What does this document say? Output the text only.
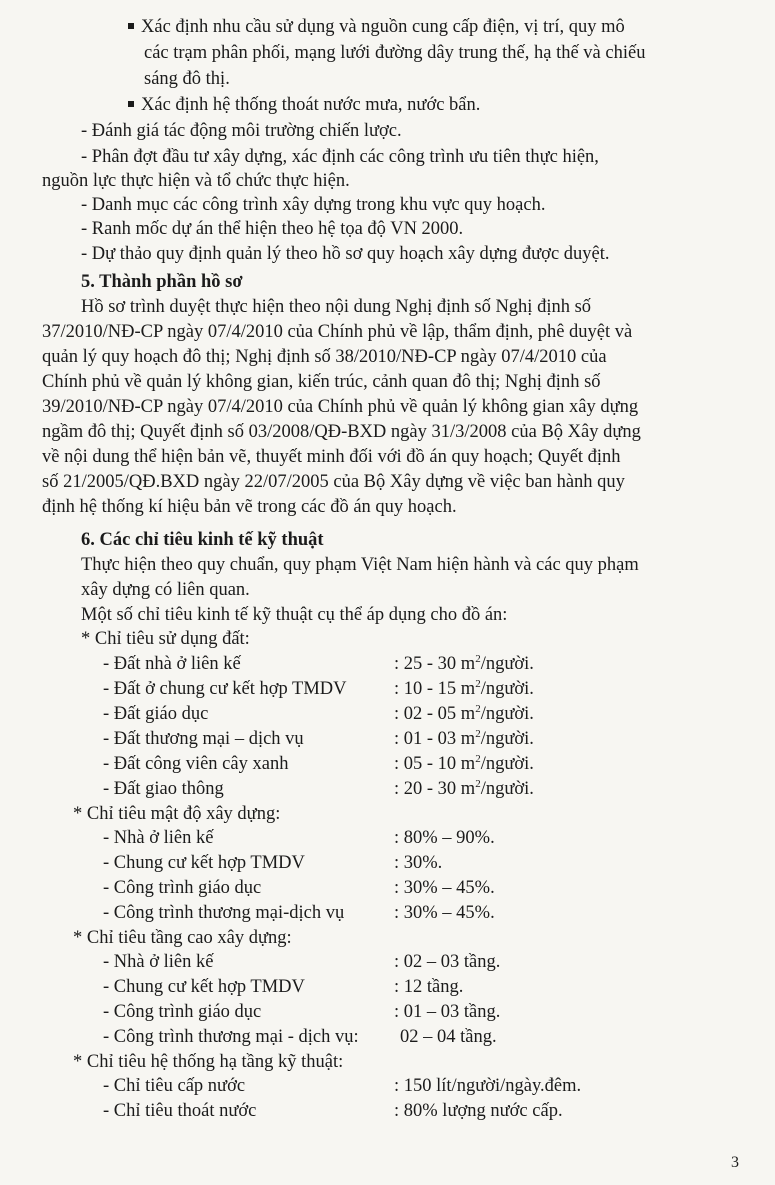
Xác định nhu cầu sử dụng và nguồn cung cấp điện, vị trí, quy mô
các trạm phân phối, mạng lưới đường dây trung thế, hạ thế và chiếu
sáng đô thị.
Xác định hệ thống thoát nước mưa, nước bẩn.
- Đánh giá tác động môi trường chiến lược.
- Phân đợt đầu tư xây dựng, xác định các công trình ưu tiên thực hiện,
nguồn lực thực hiện và tổ chức thực hiện.
- Danh mục các công trình xây dựng trong khu vực quy hoạch.
- Ranh mốc dự án thể hiện theo hệ tọa độ VN 2000.
- Dự thảo quy định quản lý theo hồ sơ quy hoạch xây dựng được duyệt.
5. Thành phần hồ sơ
Hồ sơ trình duyệt thực hiện theo nội dung Nghị định số Nghị định số
37/2010/NĐ-CP ngày 07/4/2010 của Chính phủ về lập, thẩm định, phê duyệt và
quản lý quy hoạch đô thị; Nghị định số 38/2010/NĐ-CP ngày 07/4/2010 của
Chính phủ về quản lý không gian, kiến trúc, cảnh quan đô thị; Nghị định số
39/2010/NĐ-CP ngày 07/4/2010 của Chính phủ về quản lý không gian xây dựng
ngầm đô thị; Quyết định số 03/2008/QĐ-BXD ngày 31/3/2008 của Bộ Xây dựng
về nội dung thể hiện bản vẽ, thuyết minh đối với đồ án quy hoạch; Quyết định
số 21/2005/QĐ.BXD ngày 22/07/2005 của Bộ Xây dựng về việc ban hành quy
định hệ thống kí hiệu bản vẽ trong các đồ án quy hoạch.
6. Các chỉ tiêu kinh tế kỹ thuật
Thực hiện theo quy chuẩn, quy phạm Việt Nam hiện hành và các quy phạm
xây dựng có liên quan.
Một số chỉ tiêu kinh tế kỹ thuật cụ thể áp dụng cho đồ án:
* Chỉ tiêu sử dụng đất:
- Đất nhà ở liên kế	: 25 - 30 $m^2$/người.
- Đất ở chung cư kết hợp TMDV	: 10 - 15 $m^2$/người.
- Đất giáo dục	: 02 - 05 $m^2$/người.
- Đất thương mại – dịch vụ	: 01 - 03 $m^2$/người.
- Đất công viên cây xanh	: 05 - 10 $m^2$/người.
- Đất giao thông	: 20 - 30 $m^2$/người.
* Chỉ tiêu mật độ xây dựng:
- Nhà ở liên kế	: 80% – 90%.
- Chung cư kết hợp TMDV	: 30%.
- Công trình giáo dục	: 30% – 45%.
- Công trình thương mại-dịch vụ	: 30% – 45%.
* Chỉ tiêu tầng cao xây dựng:
- Nhà ở liên kế	: 02 – 03 tầng.
- Chung cư kết hợp TMDV	: 12 tầng.
- Công trình giáo dục	: 01 – 03 tầng.
- Công trình thương mại - dịch vụ: 02 – 04 tầng.
* Chỉ tiêu hệ thống hạ tầng kỹ thuật:
- Chỉ tiêu cấp nước	: 150 lít/người/ngày.đêm.
- Chỉ tiêu thoát nước	: 80% lượng nước cấp.
3
